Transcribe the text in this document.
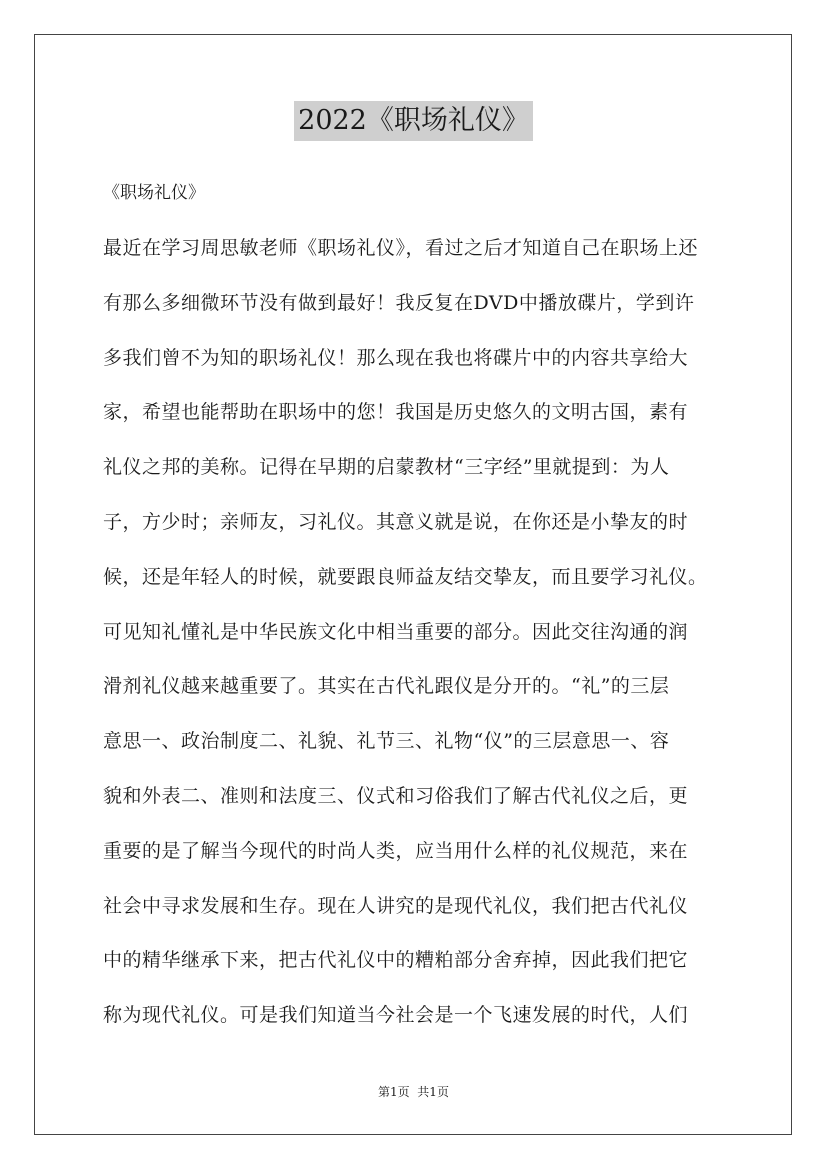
2022《职场礼仪》
《职场礼仪》
最近在学习周思敏老师《职场礼仪》，看过之后才知道自己在职场上还
有那么多细微环节没有做到最好！我反复在DVD中播放碟片，学到许
多我们曾不为知的职场礼仪！那么现在我也将碟片中的内容共享给大
家，希望也能帮助在职场中的您！我国是历史悠久的文明古国，素有
礼仪之邦的美称。记得在早期的启蒙教材“三字经”里就提到：为人
子，方少时；亲师友，习礼仪。其意义就是说，在你还是小挚友的时
候，还是年轻人的时候，就要跟良师益友结交挚友，而且要学习礼仪。
可见知礼懂礼是中华民族文化中相当重要的部分。因此交往沟通的润
滑剂礼仪越来越重要了。其实在古代礼跟仪是分开的。“礼”的三层
意思一、政治制度二、礼貌、礼节三、礼物“仪”的三层意思一、容
貌和外表二、准则和法度三、仪式和习俗我们了解古代礼仪之后，更
重要的是了解当今现代的时尚人类，应当用什么样的礼仪规范，来在
社会中寻求发展和生存。现在人讲究的是现代礼仪，我们把古代礼仪
中的精华继承下来，把古代礼仪中的糟粕部分舍弃掉，因此我们把它
称为现代礼仪。可是我们知道当今社会是一个飞速发展的时代，人们
第1页  共1页
